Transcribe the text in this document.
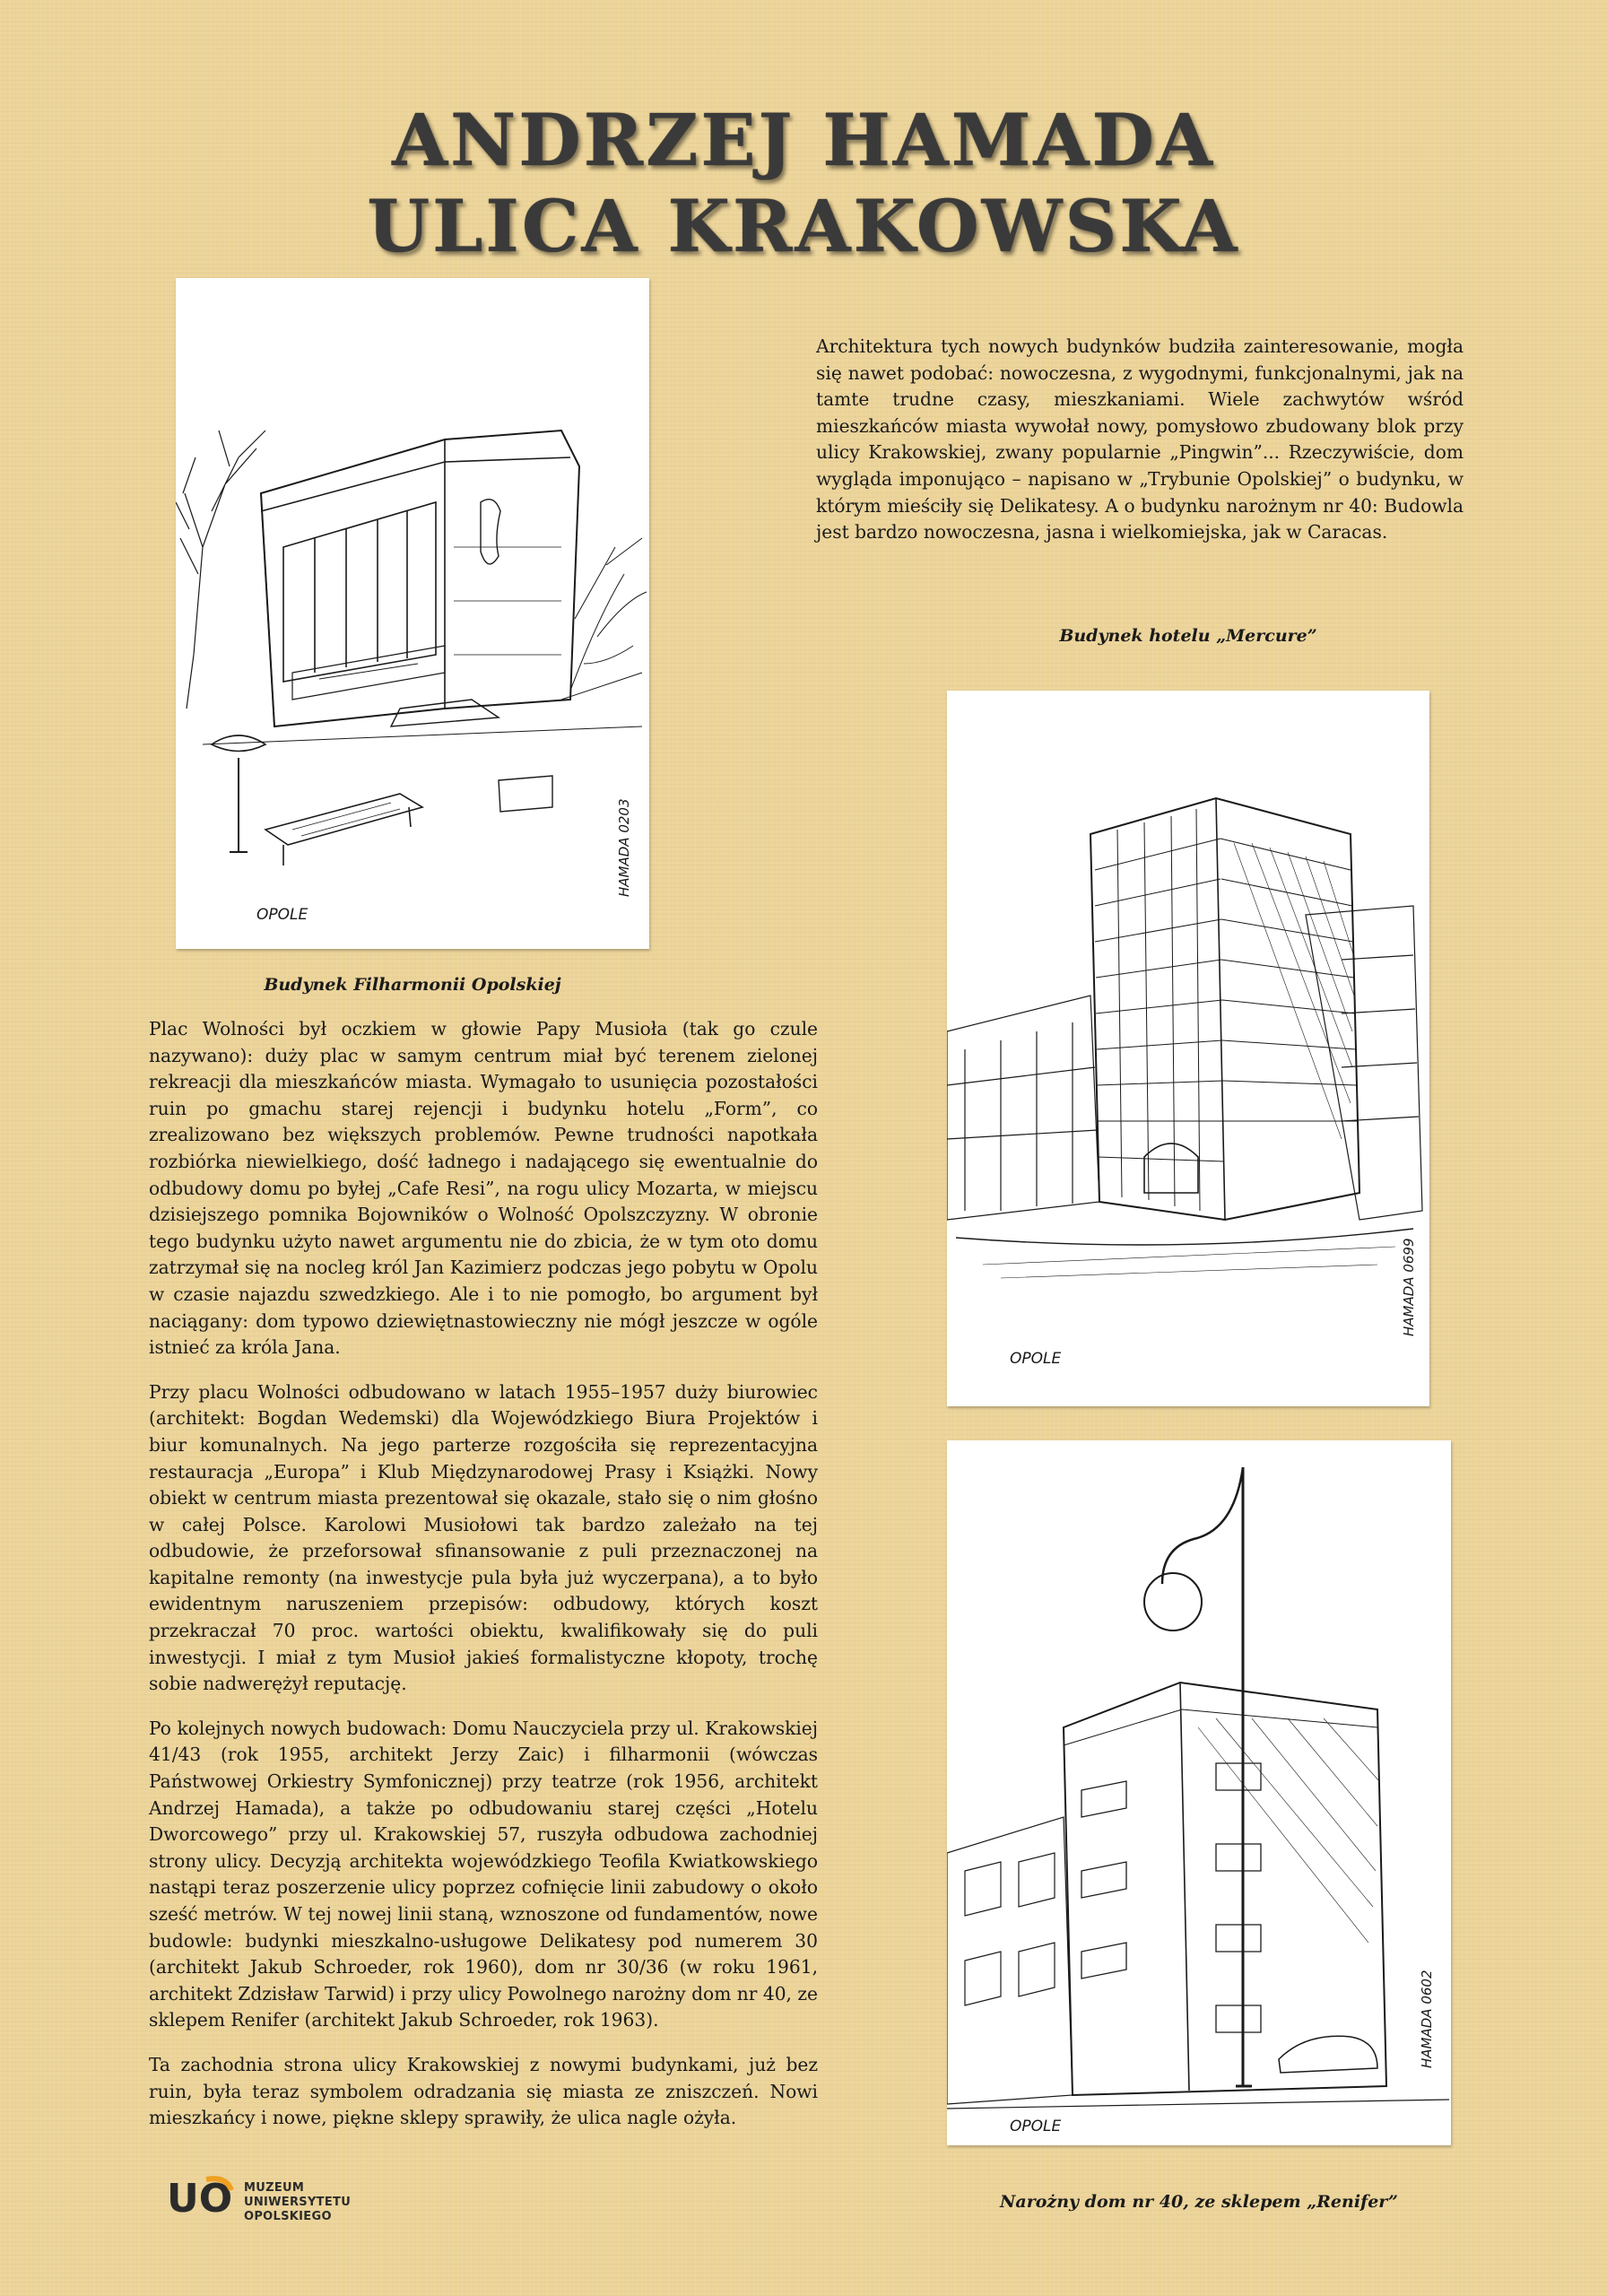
ANDRZEJ HAMADA
ULICA KRAKOWSKA
OPOLE
HAMADA 0203
OPOLE
HAMADA 0699
OPOLE
HAMADA 0602

Budynek Filharmonii Opolskiej

Budynek hotelu „Mercure”

Narożny dom nr 40, ze sklepem „Renifer”

Architektura tych nowych budynków budziła zainteresowanie, mogła się nawet podobać: nowoczesna, z wygodnymi, funkcjonalnymi, jak na tamte trudne czasy, mieszkaniami. Wiele zachwytów wśród mieszkańców miasta wywołał nowy, pomysłowo zbudowany blok przy ulicy Krakowskiej, zwany popularnie „Pingwin”... Rzeczywiście, dom wygląda imponująco – napisano w „Trybunie Opolskiej” o budynku, w którym mieściły się Delikatesy. A o budynku narożnym nr 40: Budowla jest bardzo nowoczesna, jasna i wielkomiejska, jak w Caracas.

Plac Wolności był oczkiem w głowie Papy Musioła (tak go czule nazywano): duży plac w samym centrum miał być terenem zielonej rekreacji dla mieszkańców miasta. Wymagało to usunięcia pozostałości ruin po gmachu starej rejencji i budynku hotelu „Form”, co zrealizowano bez większych problemów. Pewne trudności napotkała rozbiórka niewielkiego, dość ładnego i nadającego się ewentualnie do odbudowy domu po byłej „Cafe Resi”, na rogu ulicy Mozarta, w miejscu dzisiejszego pomnika Bojowników o Wolność Opolszczyzny. W obronie tego budynku użyto nawet argumentu nie do zbicia, że w tym oto domu zatrzymał się na nocleg król Jan Kazimierz podczas jego pobytu w Opolu w czasie najazdu szwedzkiego. Ale i to nie pomogło, bo argument był naciągany: dom typowo dziewiętnastowieczny nie mógł jeszcze w ogóle istnieć za króla Jana.

Przy placu Wolności odbudowano w latach 1955–1957 duży biurowiec (architekt: Bogdan Wedemski) dla Wojewódzkiego Biura Projektów i biur komunalnych. Na jego parterze rozgościła się reprezentacyjna restauracja „Europa” i Klub Międzynarodowej Prasy i Książki. Nowy obiekt w centrum miasta prezentował się okazale, stało się o nim głośno w całej Polsce. Karolowi Musiołowi tak bardzo zależało na tej odbudowie, że przeforsował sfinansowanie z puli przeznaczonej na kapitalne remonty (na inwestycje pula była już wyczerpana), a to było ewidentnym naruszeniem przepisów: odbudowy, których koszt przekraczał 70 proc. wartości obiektu, kwalifikowały się do puli inwestycji. I miał z tym Musioł jakieś formalistyczne kłopoty, trochę sobie nadwerężył reputację.

Po kolejnych nowych budowach: Domu Nauczyciela przy ul. Krakowskiej 41/43 (rok 1955, architekt Jerzy Zaic) i filharmonii (wówczas Państwowej Orkiestry Symfonicznej) przy teatrze (rok 1956, architekt Andrzej Hamada), a także po odbudowaniu starej części „Hotelu Dworcowego” przy ul. Krakowskiej 57, ruszyła odbudowa zachodniej strony ulicy. Decyzją architekta wojewódzkiego Teofila Kwiatkowskiego nastąpi teraz poszerzenie ulicy poprzez cofnięcie linii zabudowy o około sześć metrów. W tej nowej linii staną, wznoszone od fundamentów, nowe budowle: budynki mieszkalno-usługowe Delikatesy pod numerem 30 (architekt Jakub Schroeder, rok 1960), dom nr 30/36 (w roku 1961, architekt Zdzisław Tarwid) i przy ulicy Powolnego narożny dom nr 40, ze sklepem Renifer (architekt Jakub Schroeder, rok 1963).

Ta zachodnia strona ulicy Krakowskiej z nowymi budynkami, już bez ruin, była teraz symbolem odradzania się miasta ze zniszczeń. Nowi mieszkańcy i nowe, piękne sklepy sprawiły, że ulica nagle ożyła.

UO MUZEUM
UNIWERSYTETU OPOLSKIEGO
